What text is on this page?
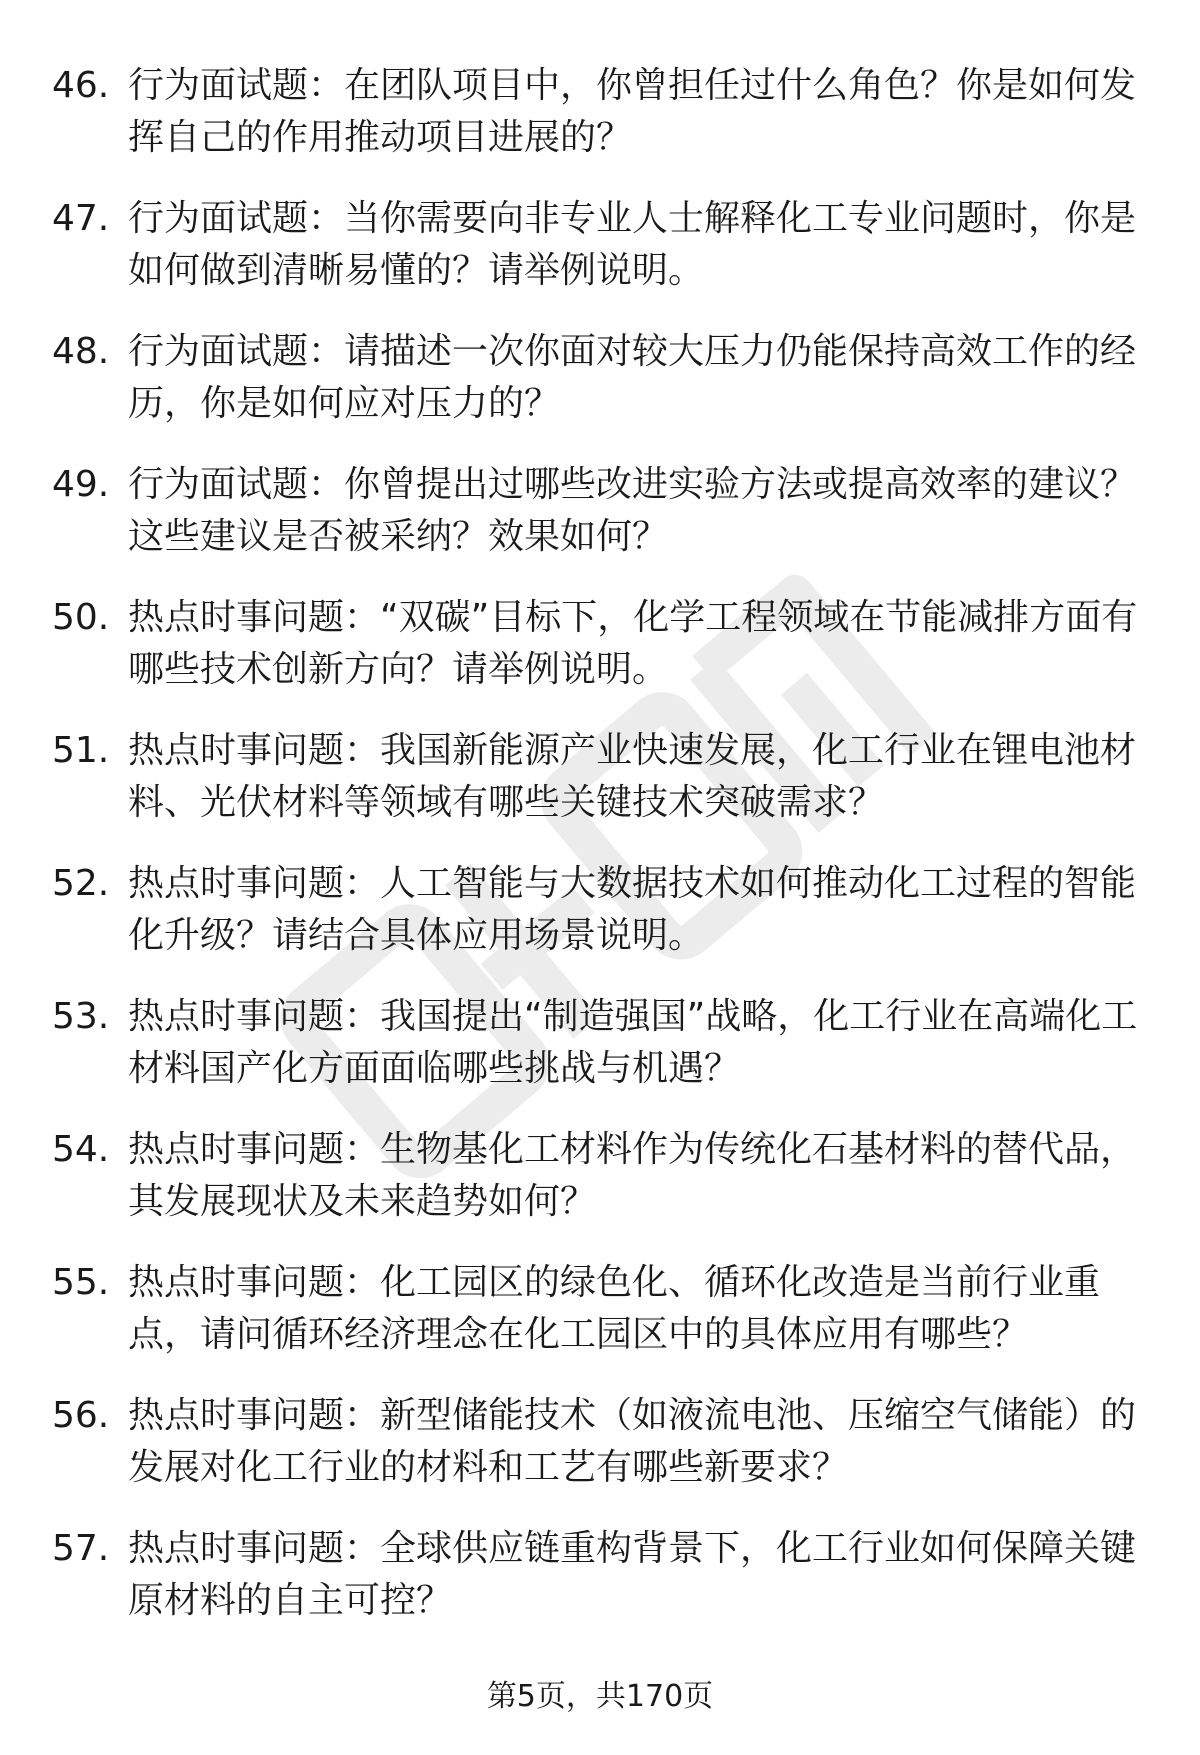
46. 行为面试题：在团队项目中，你曾担任过什么角色？你是如何发挥自己的作用推动项目进展的？
47. 行为面试题：当你需要向非专业人士解释化工专业问题时，你是如何做到清晰易懂的？请举例说明。
48. 行为面试题：请描述一次你面对较大压力仍能保持高效工作的经历，你是如何应对压力的？
49. 行为面试题：你曾提出过哪些改进实验方法或提高效率的建议？这些建议是否被采纳？效果如何？
50. 热点时事问题：“双碳”目标下，化学工程领域在节能减排方面有哪些技术创新方向？请举例说明。
51. 热点时事问题：我国新能源产业快速发展，化工行业在锂电池材料、光伏材料等领域有哪些关键技术突破需求？
52. 热点时事问题：人工智能与大数据技术如何推动化工过程的智能化升级？请结合具体应用场景说明。
53. 热点时事问题：我国提出“制造强国”战略，化工行业在高端化工材料国产化方面面临哪些挑战与机遇？
54. 热点时事问题：生物基化工材料作为传统化石基材料的替代品，其发展现状及未来趋势如何？
55. 热点时事问题：化工园区的绿色化、循环化改造是当前行业重点，请问循环经济理念在化工园区中的具体应用有哪些？
56. 热点时事问题：新型储能技术（如液流电池、压缩空气储能）的发展对化工行业的材料和工艺有哪些新要求？
57. 热点时事问题：全球供应链重构背景下，化工行业如何保障关键原材料的自主可控？
第5页，共170页
